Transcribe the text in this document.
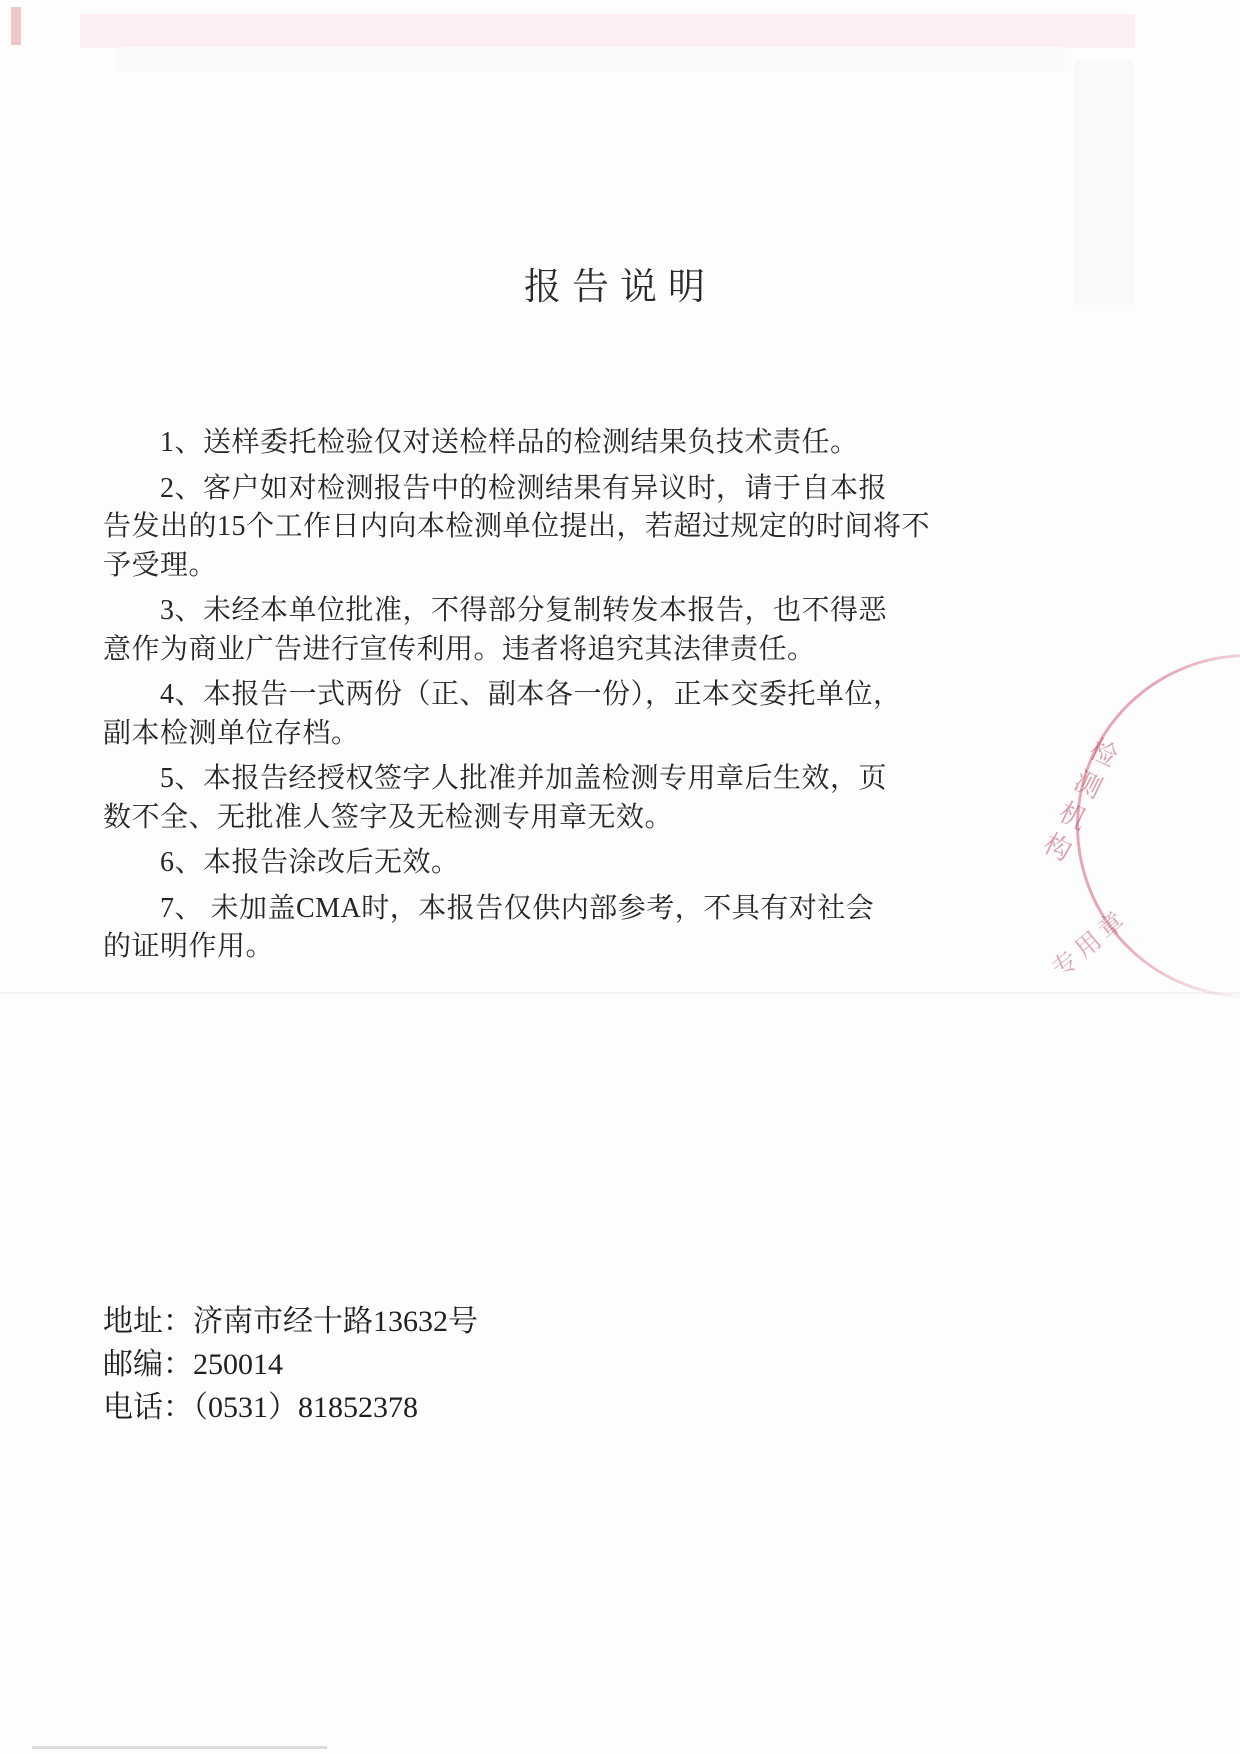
报告说明
1、送样委托检验仅对送检样品的检测结果负技术责任。
2、客户如对检测报告中的检测结果有异议时，请于自本报
告发出的15个工作日内向本检测单位提出，若超过规定的时间将不
予受理。
3、未经本单位批准，不得部分复制转发本报告，也不得恶
意作为商业广告进行宣传利用。违者将追究其法律责任。
4、本报告一式两份（正、副本各一份），正本交委托单位，
副本检测单位存档。
5、本报告经授权签字人批准并加盖检测专用章后生效，页
数不全、无批准人签字及无检测专用章无效。
6、本报告涂改后无效。
7、 未加盖CMA时，本报告仅供内部参考，不具有对社会
的证明作用。
检测机构
专用章
地址：济南市经十路13632号
邮编：250014
电话：（0531）81852378
